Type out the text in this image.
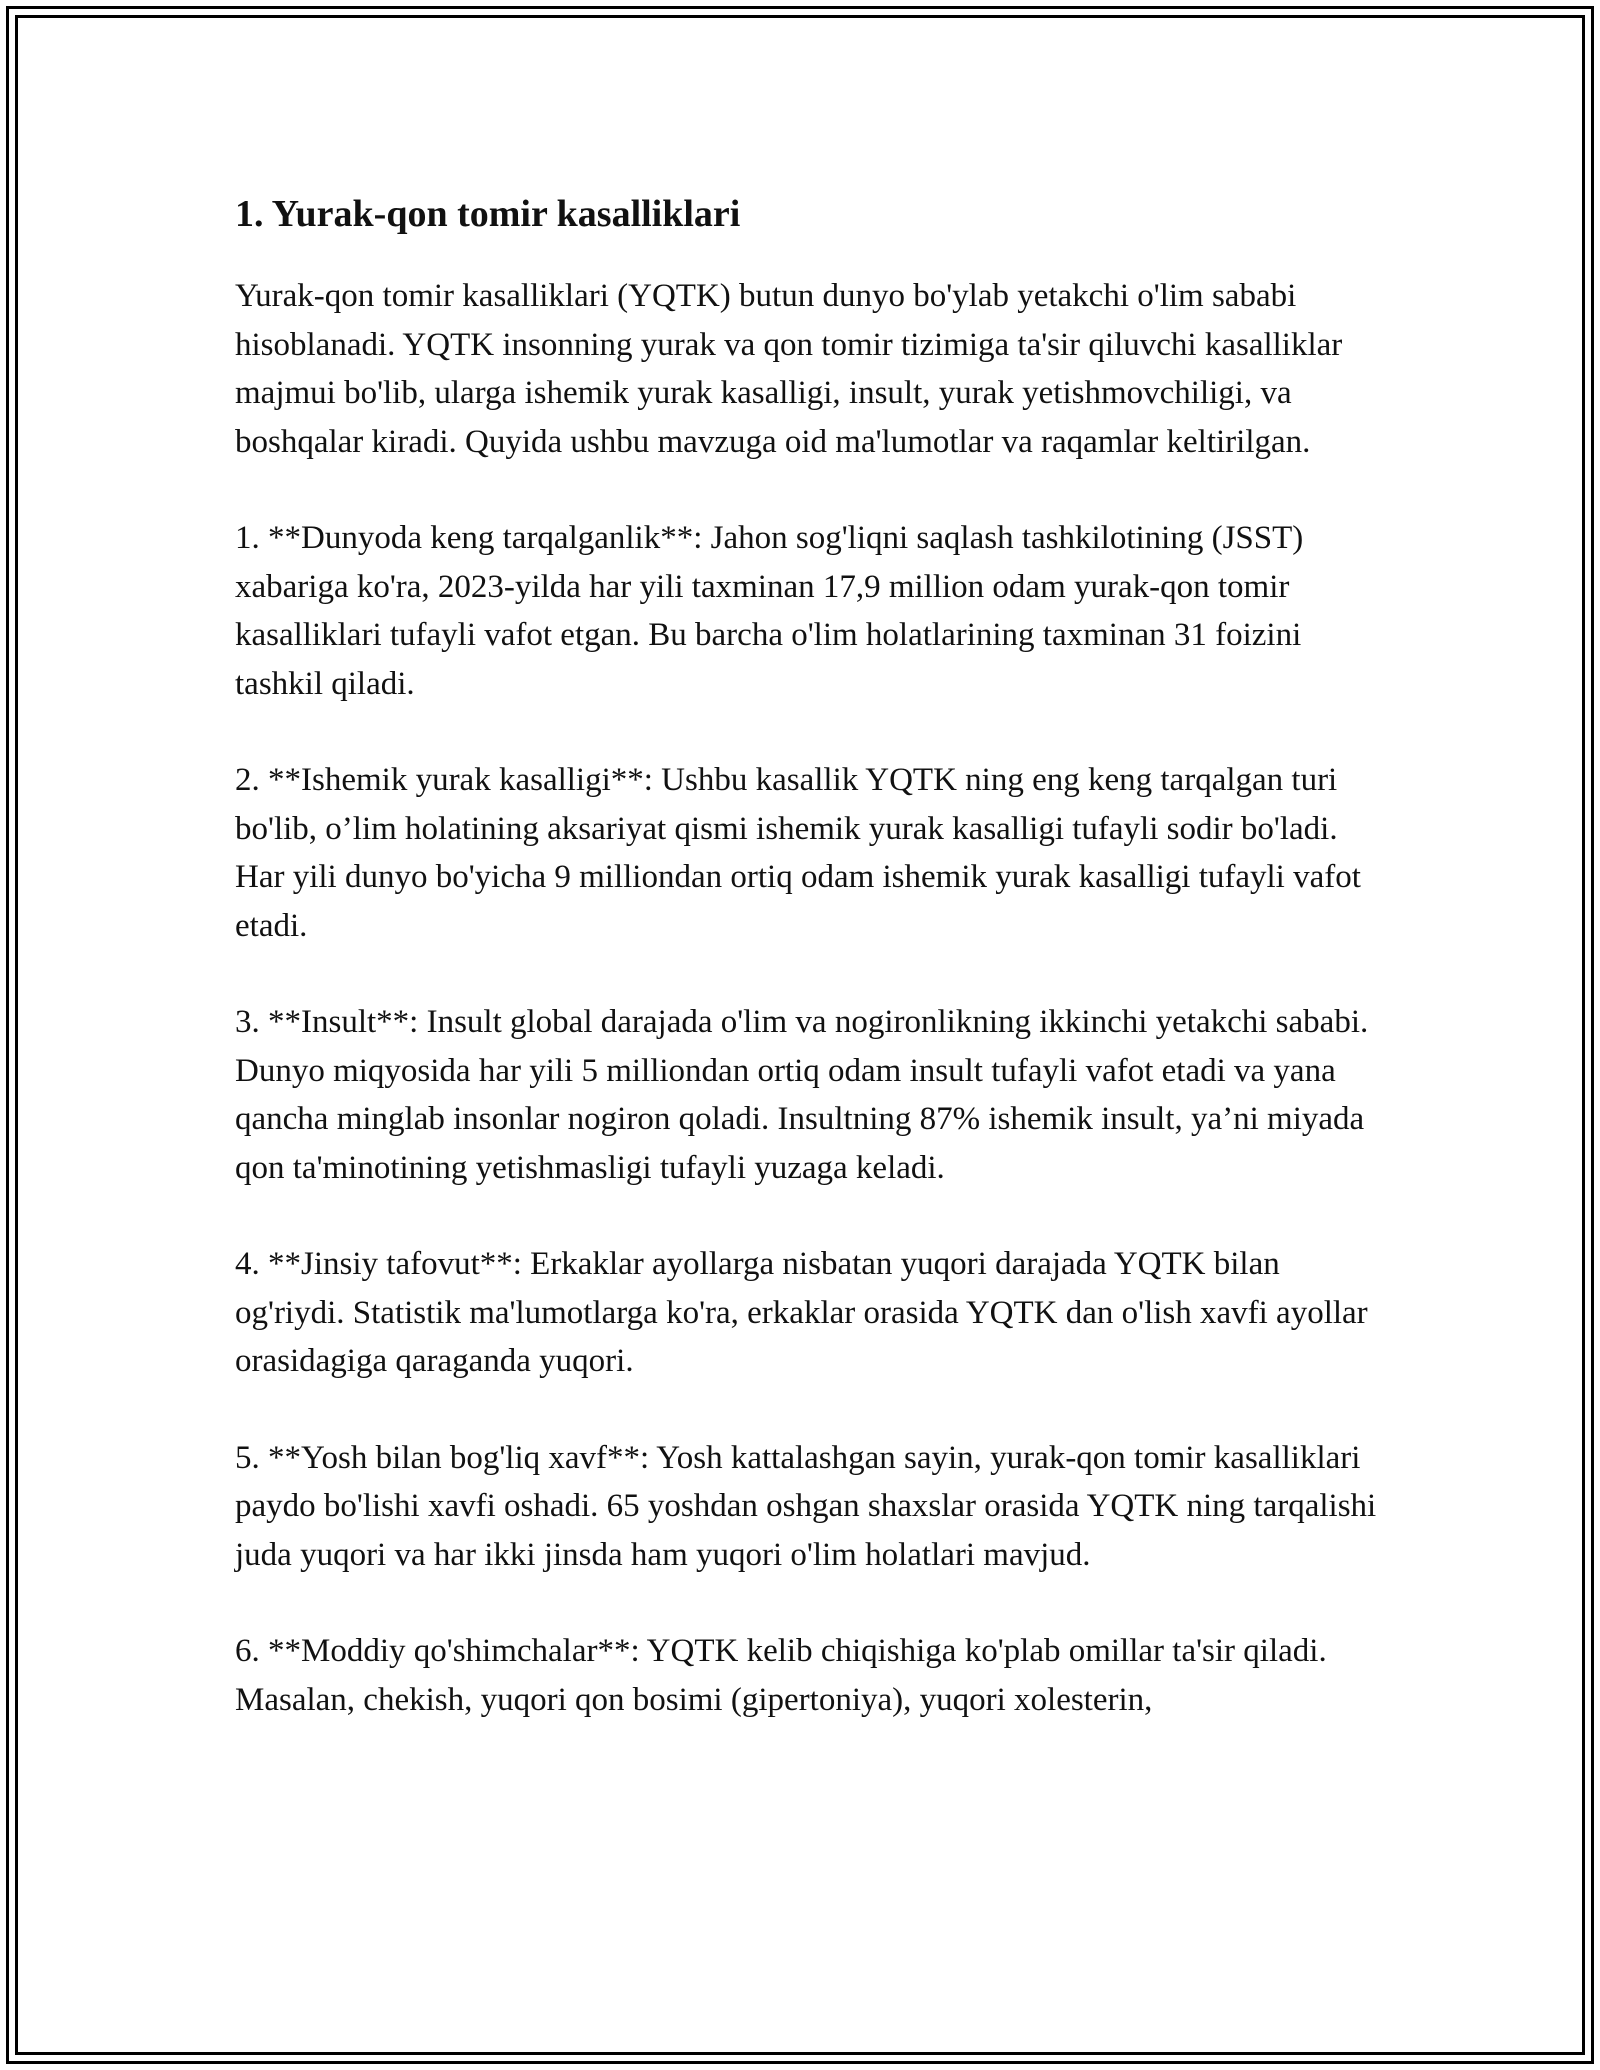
1. Yurak-qon tomir kasalliklari

Yurak-qon tomir kasalliklari (YQTK) butun dunyo bo'ylab yetakchi o'lim sababi hisoblanadi. YQTK insonning yurak va qon tomir tizimiga ta'sir qiluvchi kasalliklar majmui bo'lib, ularga ishemik yurak kasalligi, insult, yurak yetishmovchiligi, va boshqalar kiradi. Quyida ushbu mavzuga oid ma'lumotlar va raqamlar keltirilgan.

1. **Dunyoda keng tarqalganlik**: Jahon sog'liqni saqlash tashkilotining (JSST) xabariga ko'ra, 2023-yilda har yili taxminan 17,9 million odam yurak-qon tomir kasalliklari tufayli vafot etgan. Bu barcha o'lim holatlarining taxminan 31 foizini tashkil qiladi.

2. **Ishemik yurak kasalligi**: Ushbu kasallik YQTK ning eng keng tarqalgan turi bo'lib, o’lim holatining aksariyat qismi ishemik yurak kasalligi tufayli sodir bo'ladi. Har yili dunyo bo'yicha 9 milliondan ortiq odam ishemik yurak kasalligi tufayli vafot etadi.

3. **Insult**: Insult global darajada o'lim va nogironlikning ikkinchi yetakchi sababi. Dunyo miqyosida har yili 5 milliondan ortiq odam insult tufayli vafot etadi va yana qancha minglab insonlar nogiron qoladi. Insultning 87% ishemik insult, ya’ni miyada qon ta'minotining yetishmasligi tufayli yuzaga keladi.

4. **Jinsiy tafovut**: Erkaklar ayollarga nisbatan yuqori darajada YQTK bilan og'riydi. Statistik ma'lumotlarga ko'ra, erkaklar orasida YQTK dan o'lish xavfi ayollar orasidagiga qaraganda yuqori.

5. **Yosh bilan bog'liq xavf**: Yosh kattalashgan sayin, yurak-qon tomir kasalliklari paydo bo'lishi xavfi oshadi. 65 yoshdan oshgan shaxslar orasida YQTK ning tarqalishi juda yuqori va har ikki jinsda ham yuqori o'lim holatlari mavjud.

6. **Moddiy qo'shimchalar**: YQTK kelib chiqishiga ko'plab omillar ta'sir qiladi. Masalan, chekish, yuqori qon bosimi (gipertoniya), yuqori xolesterin,
